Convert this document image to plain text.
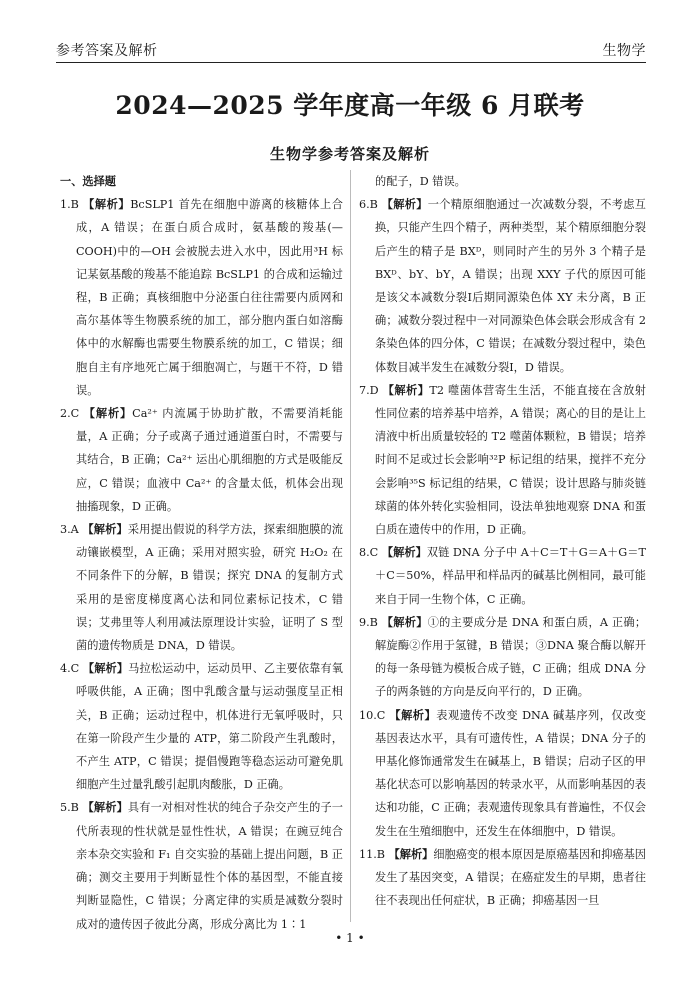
参考答案及解析	生物学
2024—2025 学年度高一年级 6 月联考
生物学参考答案及解析

一、选择题

1.B 【解析】BcSLP1 首先在细胞中游离的核糖体上合成，A 错误；在蛋白质合成时，氨基酸的羧基(—COOH)中的—OH 会被脱去进入水中，因此用³H 标记某氨基酸的羧基不能追踪 BcSLP1 的合成和运输过程，B 正确；真核细胞中分泌蛋白往往需要内质网和高尔基体等生物膜系统的加工，部分胞内蛋白如溶酶体中的水解酶也需要生物膜系统的加工，C 错误；细胞自主有序地死亡属于细胞凋亡，与题干不符，D 错误。

2.C 【解析】Ca²⁺ 内流属于协助扩散，不需要消耗能量，A 正确；分子或离子通过通道蛋白时，不需要与其结合，B 正确；Ca²⁺ 运出心肌细胞的方式是吸能反应，C 错误；血液中 Ca²⁺ 的含量太低，机体会出现抽搐现象，D 正确。

3.A 【解析】采用提出假说的科学方法，探索细胞膜的流动镶嵌模型，A 正确；采用对照实验，研究 H₂O₂ 在不同条件下的分解，B 错误；探究 DNA 的复制方式采用的是密度梯度离心法和同位素标记技术，C 错误；艾弗里等人利用减法原理设计实验，证明了 S 型菌的遗传物质是 DNA，D 错误。

4.C 【解析】马拉松运动中，运动员甲、乙主要依靠有氧呼吸供能，A 正确；图中乳酸含量与运动强度呈正相关，B 正确；运动过程中，机体进行无氧呼吸时，只在第一阶段产生少量的 ATP，第二阶段产生乳酸时，不产生 ATP，C 错误；提倡慢跑等稳态运动可避免肌细胞产生过量乳酸引起肌肉酸胀，D 正确。

5.B 【解析】具有一对相对性状的纯合子杂交产生的子一代所表现的性状就是显性性状，A 错误；在豌豆纯合亲本杂交实验和 F₁ 自交实验的基础上提出问题，B 正确；测交主要用于判断显性个体的基因型，不能直接判断显隐性，C 错误；分离定律的实质是减数分裂时成对的遗传因子彼此分离，形成分离比为 1∶1

的配子，D 错误。

6.B 【解析】一个精原细胞通过一次减数分裂，不考虑互换，只能产生四个精子，两种类型，某个精原细胞分裂后产生的精子是 BXᴰ，则同时产生的另外 3 个精子是 BXᴰ、bY、bY，A 错误；出现 XXY 子代的原因可能是该父本减数分裂Ⅰ后期同源染色体 XY 未分离，B 正确；减数分裂过程中一对同源染色体会联会形成含有 2 条染色体的四分体，C 错误；在减数分裂过程中，染色体数目减半发生在减数分裂Ⅰ，D 错误。

7.D 【解析】T2 噬菌体营寄生生活，不能直接在含放射性同位素的培养基中培养，A 错误；离心的目的是让上清液中析出质量较轻的 T2 噬菌体颗粒，B 错误；培养时间不足或过长会影响³²P 标记组的结果，搅拌不充分会影响³⁵S 标记组的结果，C 错误；设计思路与肺炎链球菌的体外转化实验相同，设法单独地观察 DNA 和蛋白质在遗传中的作用，D 正确。

8.C 【解析】双链 DNA 分子中 A＋C＝T＋G＝A＋G＝T＋C＝50%，样品甲和样品丙的碱基比例相同，最可能来自于同一生物个体，C 正确。

9.B 【解析】①的主要成分是 DNA 和蛋白质，A 正确；解旋酶②作用于氢键，B 错误；③DNA 聚合酶以解开的每一条母链为模板合成子链，C 正确；组成 DNA 分子的两条链的方向是反向平行的，D 正确。

10.C 【解析】表观遗传不改变 DNA 碱基序列，仅改变基因表达水平，具有可遗传性，A 错误；DNA 分子的甲基化修饰通常发生在碱基上，B 错误；启动子区的甲基化状态可以影响基因的转录水平，从而影响基因的表达和功能，C 正确；表观遗传现象具有普遍性，不仅会发生在生殖细胞中，还发生在体细胞中，D 错误。

11.B 【解析】细胞癌变的根本原因是原癌基因和抑癌基因发生了基因突变，A 错误；在癌症发生的早期，患者往往不表现出任何症状，B 正确；抑癌基因一旦

• 1 •
